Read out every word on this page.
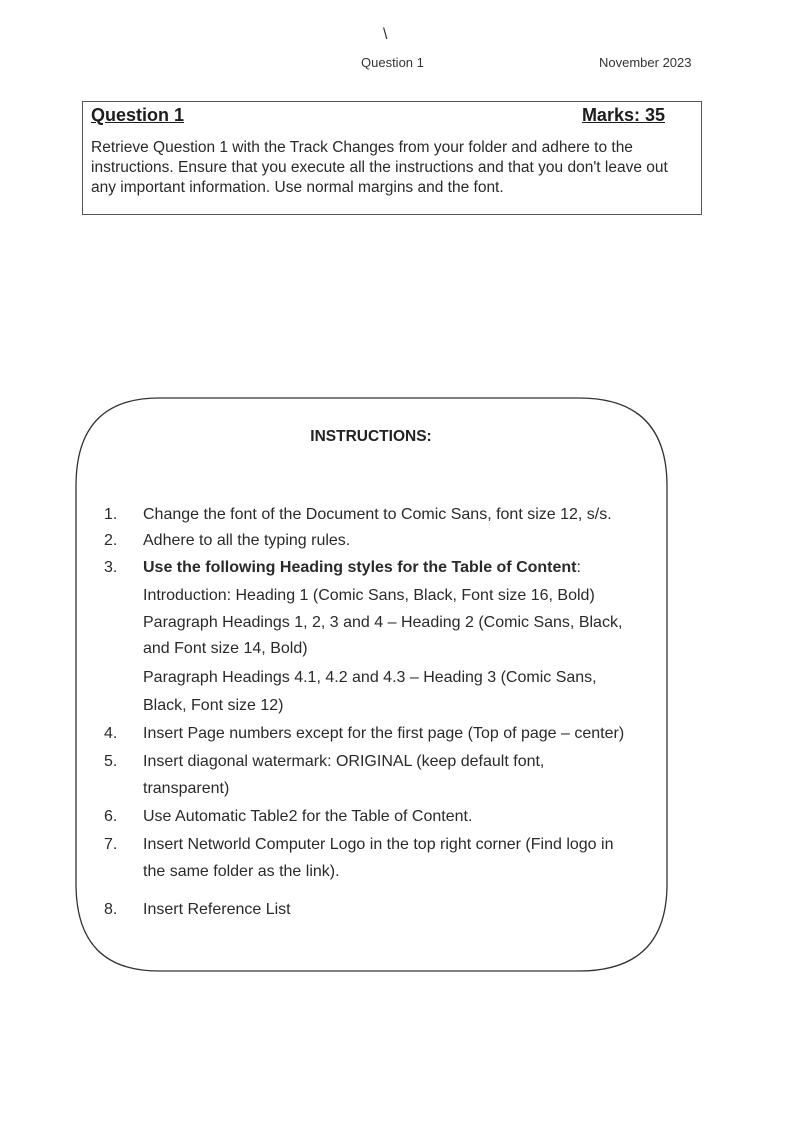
\
Question 1	November 2023
Question 1	Marks: 35

Retrieve Question 1 with the Track Changes from your folder and adhere to the instructions. Ensure that you execute all the instructions and that you don't leave out any important information. Use normal margins and the font.

INSTRUCTIONS:
1.	Change the font of the Document to Comic Sans, font size 12, s/s.
2.	Adhere to all the typing rules.
3.	Use the following Heading styles for the Table of Content:
Introduction: Heading 1 (Comic Sans, Black, Font size 16, Bold)
Paragraph Headings 1, 2, 3 and 4 – Heading 2 (Comic Sans, Black,
and Font size 14, Bold)
Paragraph Headings 4.1, 4.2 and 4.3 – Heading 3 (Comic Sans,
Black, Font size 12)
4.	Insert Page numbers except for the first page (Top of page – center)
5.	Insert diagonal watermark: ORIGINAL (keep default font,
transparent)
6.	Use Automatic Table2 for the Table of Content.
7.	Insert Networld Computer Logo in the top right corner (Find logo in
the same folder as the link).
8.	Insert Reference List
